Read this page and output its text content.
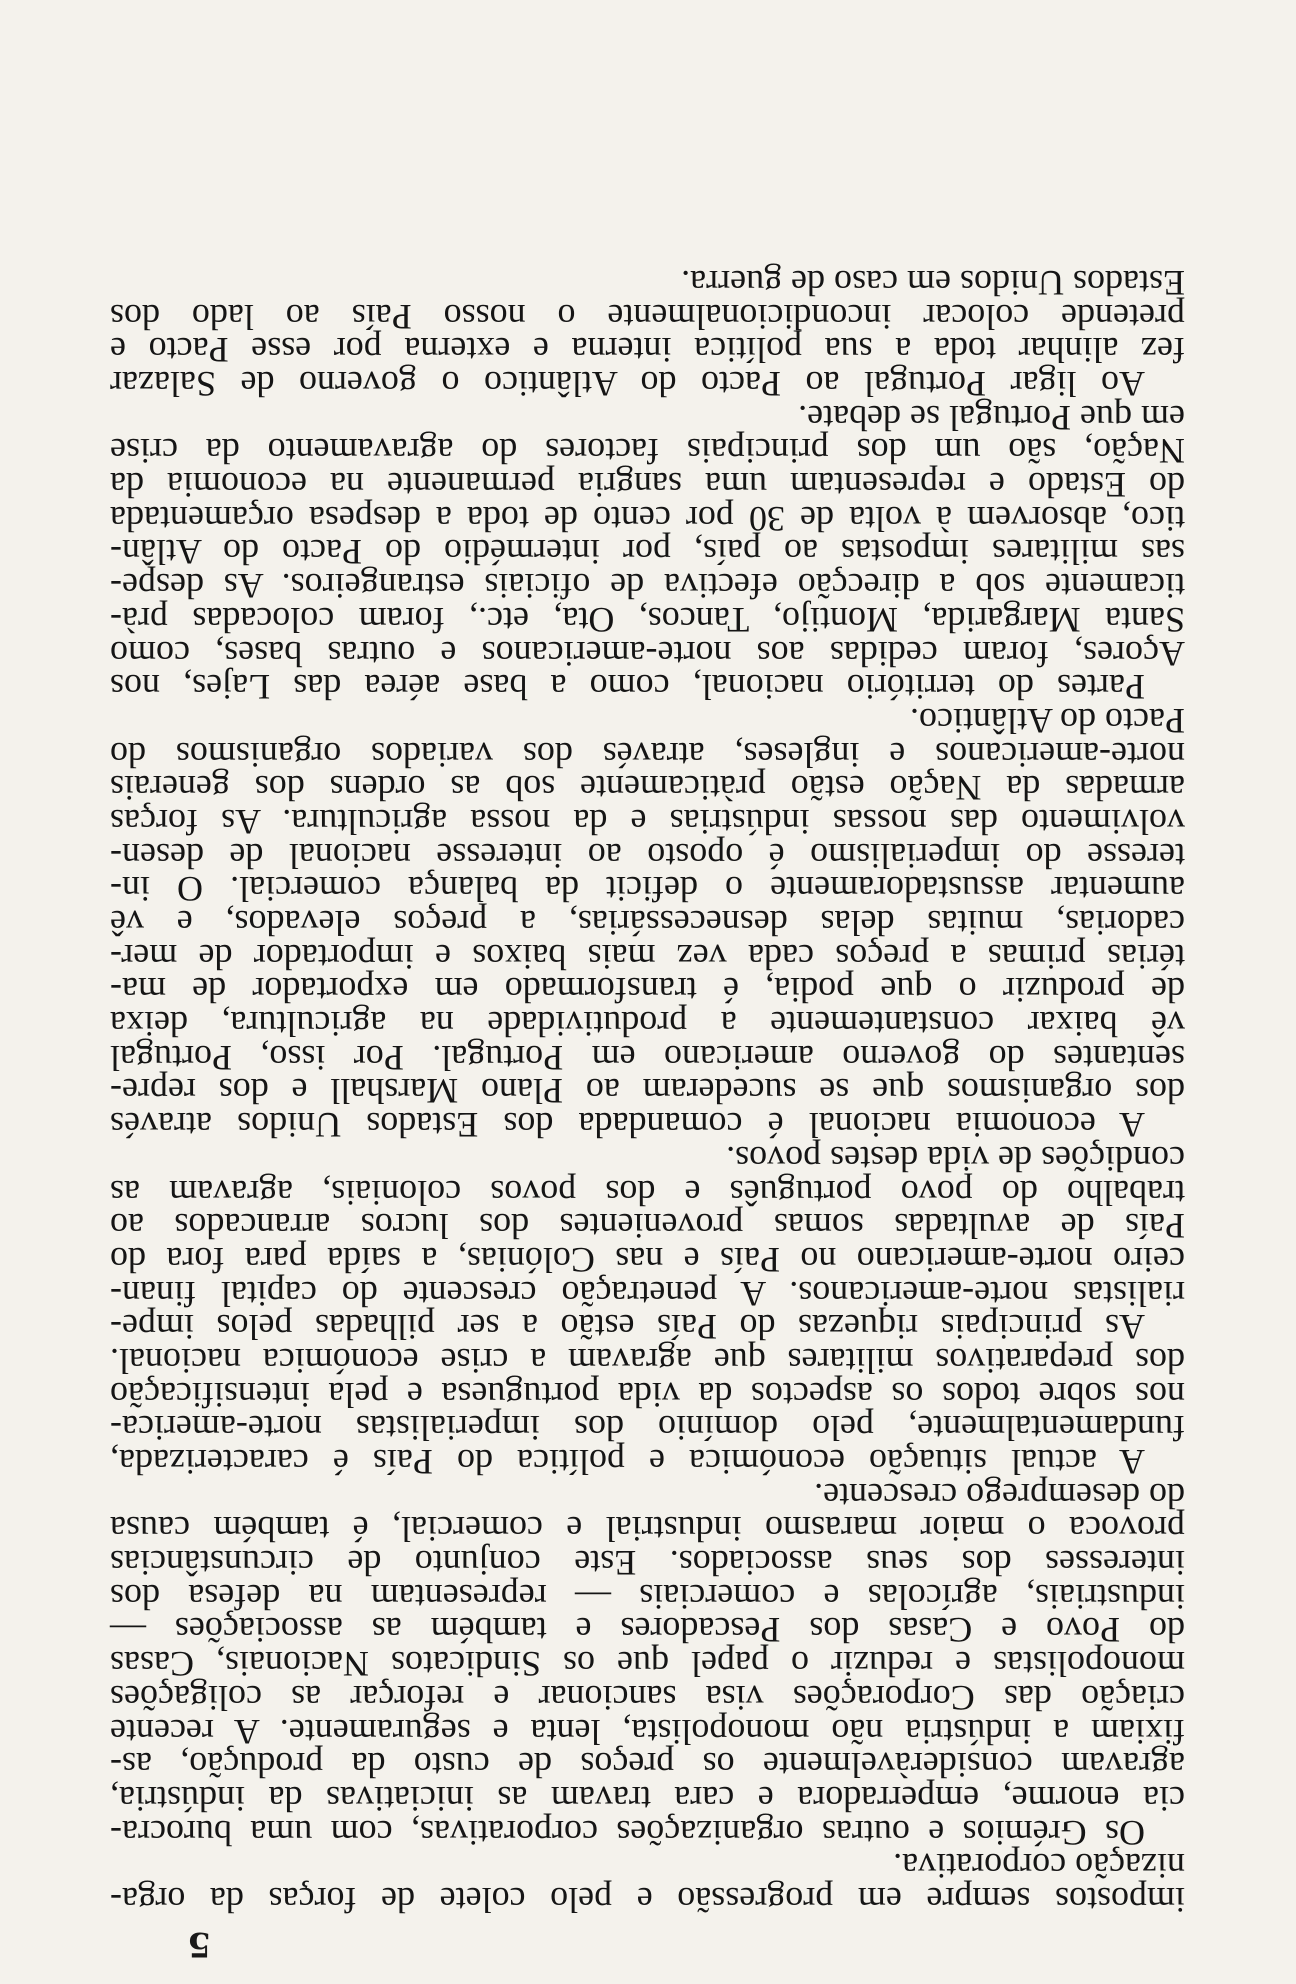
5
impostos sempre em progressão e pelo colete de forças da orga-
nização corporativa.
Os Grémios e outras organizações corporativas, com uma burocra-
cia enorme, emperradora e cara travam as iniciativas da indústria,
agravam consideràvelmente os preços de custo da produção, as-
fixiam a indústria não monopolista, lenta e seguramente. A recente
criação das Corporações visa sancionar e reforçar as coligações
monopolistas e reduzir o papel que os Sindicatos Nacionais, Casas
do Povo e Casas dos Pescadores e também as associações —
industriais, agrícolas e comerciais — representam na defesa dos
interesses dos seus associados. Este conjunto de circunstâncias
provoca o maior marasmo industrial e comercial, é também causa
do desemprego crescente.
A actual situação económica e política do País é caracterizada,
fundamentalmente, pelo domínio dos imperialistas norte-america-
nos sobre todos os aspectos da vida portuguesa e pela intensificação
dos preparativos militares que agravam a crise económica nacional.
As principais riquezas do País estão a ser pilhadas pelos impe-
rialistas norte-americanos. A penetração crescente do capital finan-
ceiro norte-americano no País e nas Colónias, a saída para fora do
País de avultadas somas provenientes dos lucros arrancados ao
trabalho do povo português e dos povos coloniais, agravam as
condições de vida destes povos.
A economia nacional é comandada dos Estados Unidos através
dos organismos que se sucederam ao Plano Marshall e dos repre-
sentantes do governo americano em Portugal. Por isso, Portugal
vê baixar constantemente a produtividade na agricultura, deixa
de produzir o que podia, é transformado em exportador de ma-
térias primas a preços cada vez mais baixos e importador de mer-
cadorias, muitas delas desnecessárias, a preços elevados, e vê
aumentar assustadoramente o deficit da balança comercial. O in-
teresse do imperialismo é oposto ao interesse nacional de desen-
volvimento das nossas indústrias e da nossa agricultura. As forças
armadas da Nação estão pràticamente sob as ordens dos generais
norte-americanos e ingleses, através dos variados organismos do
Pacto do Atlântico.
Partes do território nacional, como a base aérea das Lajes, nos
Açores, foram cedidas aos norte-americanos e outras bases, como
Santa Margarida, Montijo, Tancos, Ota, etc., foram colocadas prà-
ticamente sob a direcção efectiva de oficiais estrangeiros. As despe-
sas militares impostas ao país, por intermédio do Pacto do Atlân-
tico, absorvem à volta de 30 por cento de toda a despesa orçamentada
do Estado e representam uma sangria permanente na economia da
Nação, são um dos principais factores do agravamento da crise
em que Portugal se debate.
Ao ligar Portugal ao Pacto do Atlântico o governo de Salazar
fez alinhar toda a sua política interna e externa por esse Pacto e
pretende colocar incondicionalmente o nosso País ao lado dos
Estados Unidos em caso de guerra.
